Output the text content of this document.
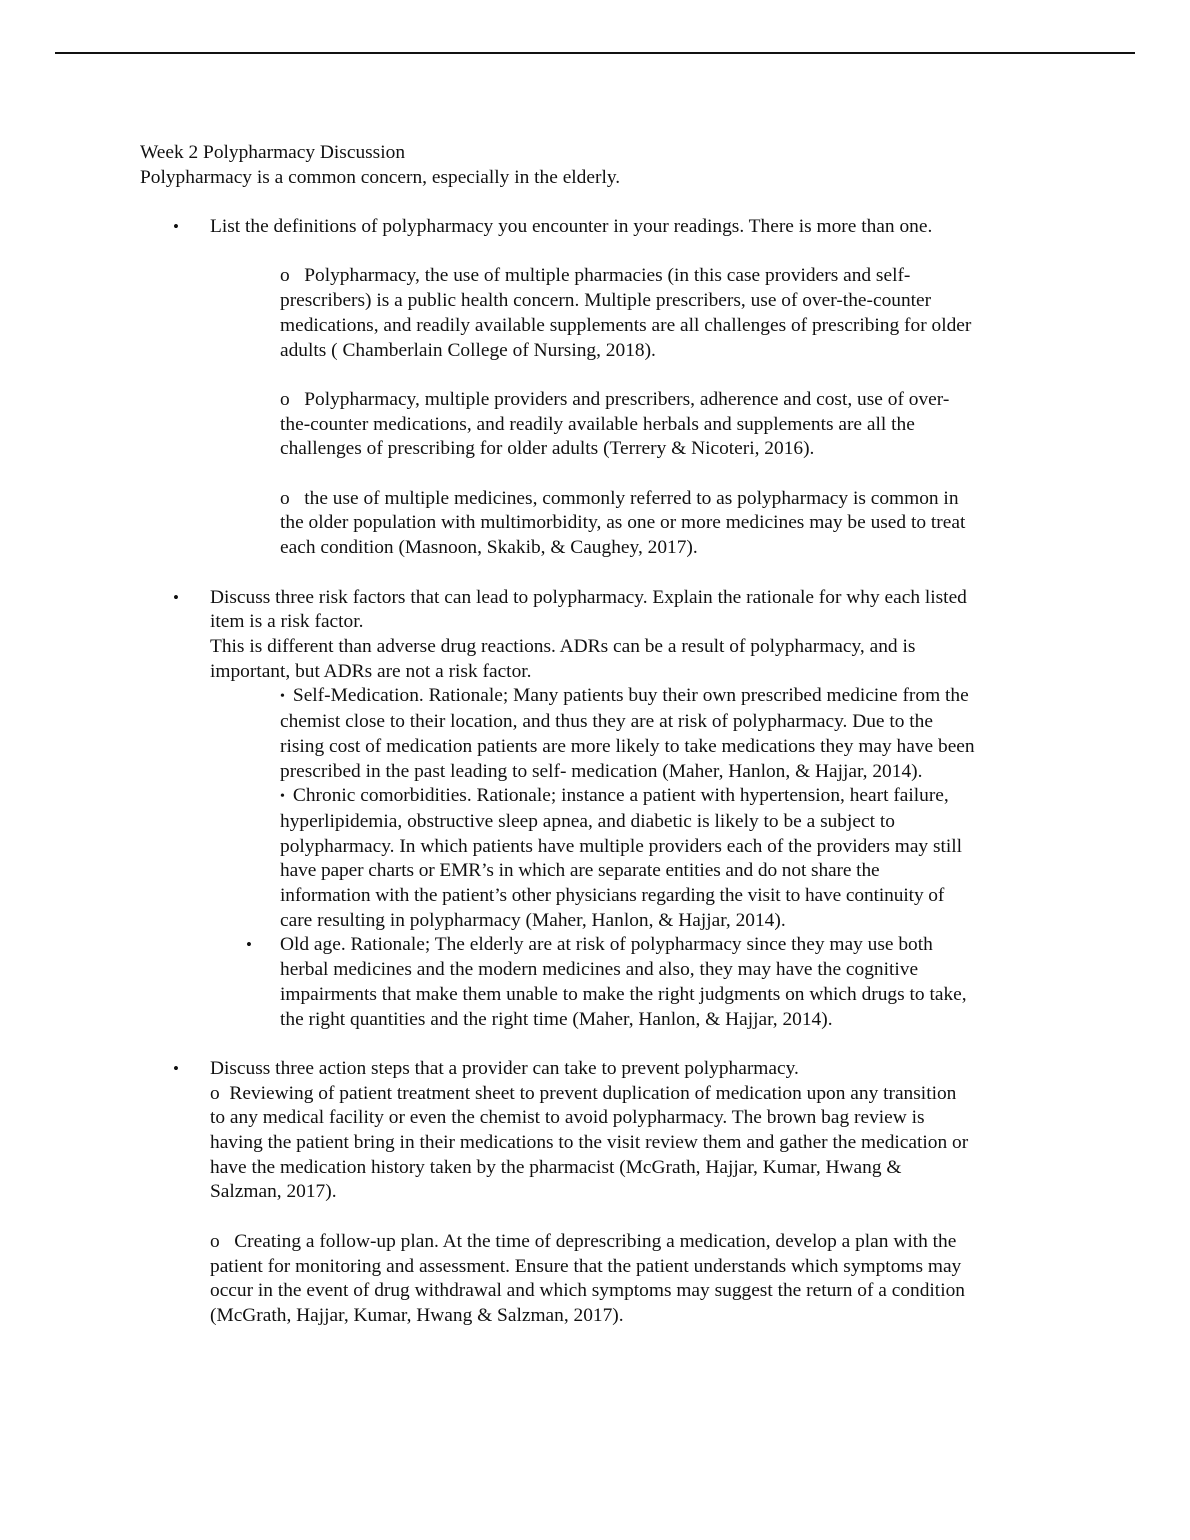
Week 2 Polypharmacy Discussion
Polypharmacy is a common concern, especially in the elderly.
• List the definitions of polypharmacy you encounter in your readings. There is more than one.
o Polypharmacy, the use of multiple pharmacies (in this case providers and self-
prescribers) is a public health concern. Multiple prescribers, use of over-the-counter
medications, and readily available supplements are all challenges of prescribing for older
adults ( Chamberlain College of Nursing, 2018).
o Polypharmacy, multiple providers and prescribers, adherence and cost, use of over-
the-counter medications, and readily available herbals and supplements are all the
challenges of prescribing for older adults (Terrery & Nicoteri, 2016).
o the use of multiple medicines, commonly referred to as polypharmacy is common in
the older population with multimorbidity, as one or more medicines may be used to treat
each condition (Masnoon, Skakib, & Caughey, 2017).
• Discuss three risk factors that can lead to polypharmacy. Explain the rationale for why each listed
item is a risk factor.
This is different than adverse drug reactions. ADRs can be a result of polypharmacy, and is
important, but ADRs are not a risk factor.
• Self-Medication. Rationale; Many patients buy their own prescribed medicine from the
chemist close to their location, and thus they are at risk of polypharmacy. Due to the
rising cost of medication patients are more likely to take medications they may have been
prescribed in the past leading to self- medication (Maher, Hanlon, & Hajjar, 2014).
• Chronic comorbidities. Rationale; instance a patient with hypertension, heart failure,
hyperlipidemia, obstructive sleep apnea, and diabetic is likely to be a subject to
polypharmacy. In which patients have multiple providers each of the providers may still
have paper charts or EMR’s in which are separate entities and do not share the
information with the patient’s other physicians regarding the visit to have continuity of
care resulting in polypharmacy (Maher, Hanlon, & Hajjar, 2014).
• Old age. Rationale; The elderly are at risk of polypharmacy since they may use both
herbal medicines and the modern medicines and also, they may have the cognitive
impairments that make them unable to make the right judgments on which drugs to take,
the right quantities and the right time (Maher, Hanlon, & Hajjar, 2014).
• Discuss three action steps that a provider can take to prevent polypharmacy.
o Reviewing of patient treatment sheet to prevent duplication of medication upon any transition
to any medical facility or even the chemist to avoid polypharmacy. The brown bag review is
having the patient bring in their medications to the visit review them and gather the medication or
have the medication history taken by the pharmacist (McGrath, Hajjar, Kumar, Hwang &
Salzman, 2017).
o Creating a follow-up plan. At the time of deprescribing a medication, develop a plan with the
patient for monitoring and assessment. Ensure that the patient understands which symptoms may
occur in the event of drug withdrawal and which symptoms may suggest the return of a condition
(McGrath, Hajjar, Kumar, Hwang & Salzman, 2017).
